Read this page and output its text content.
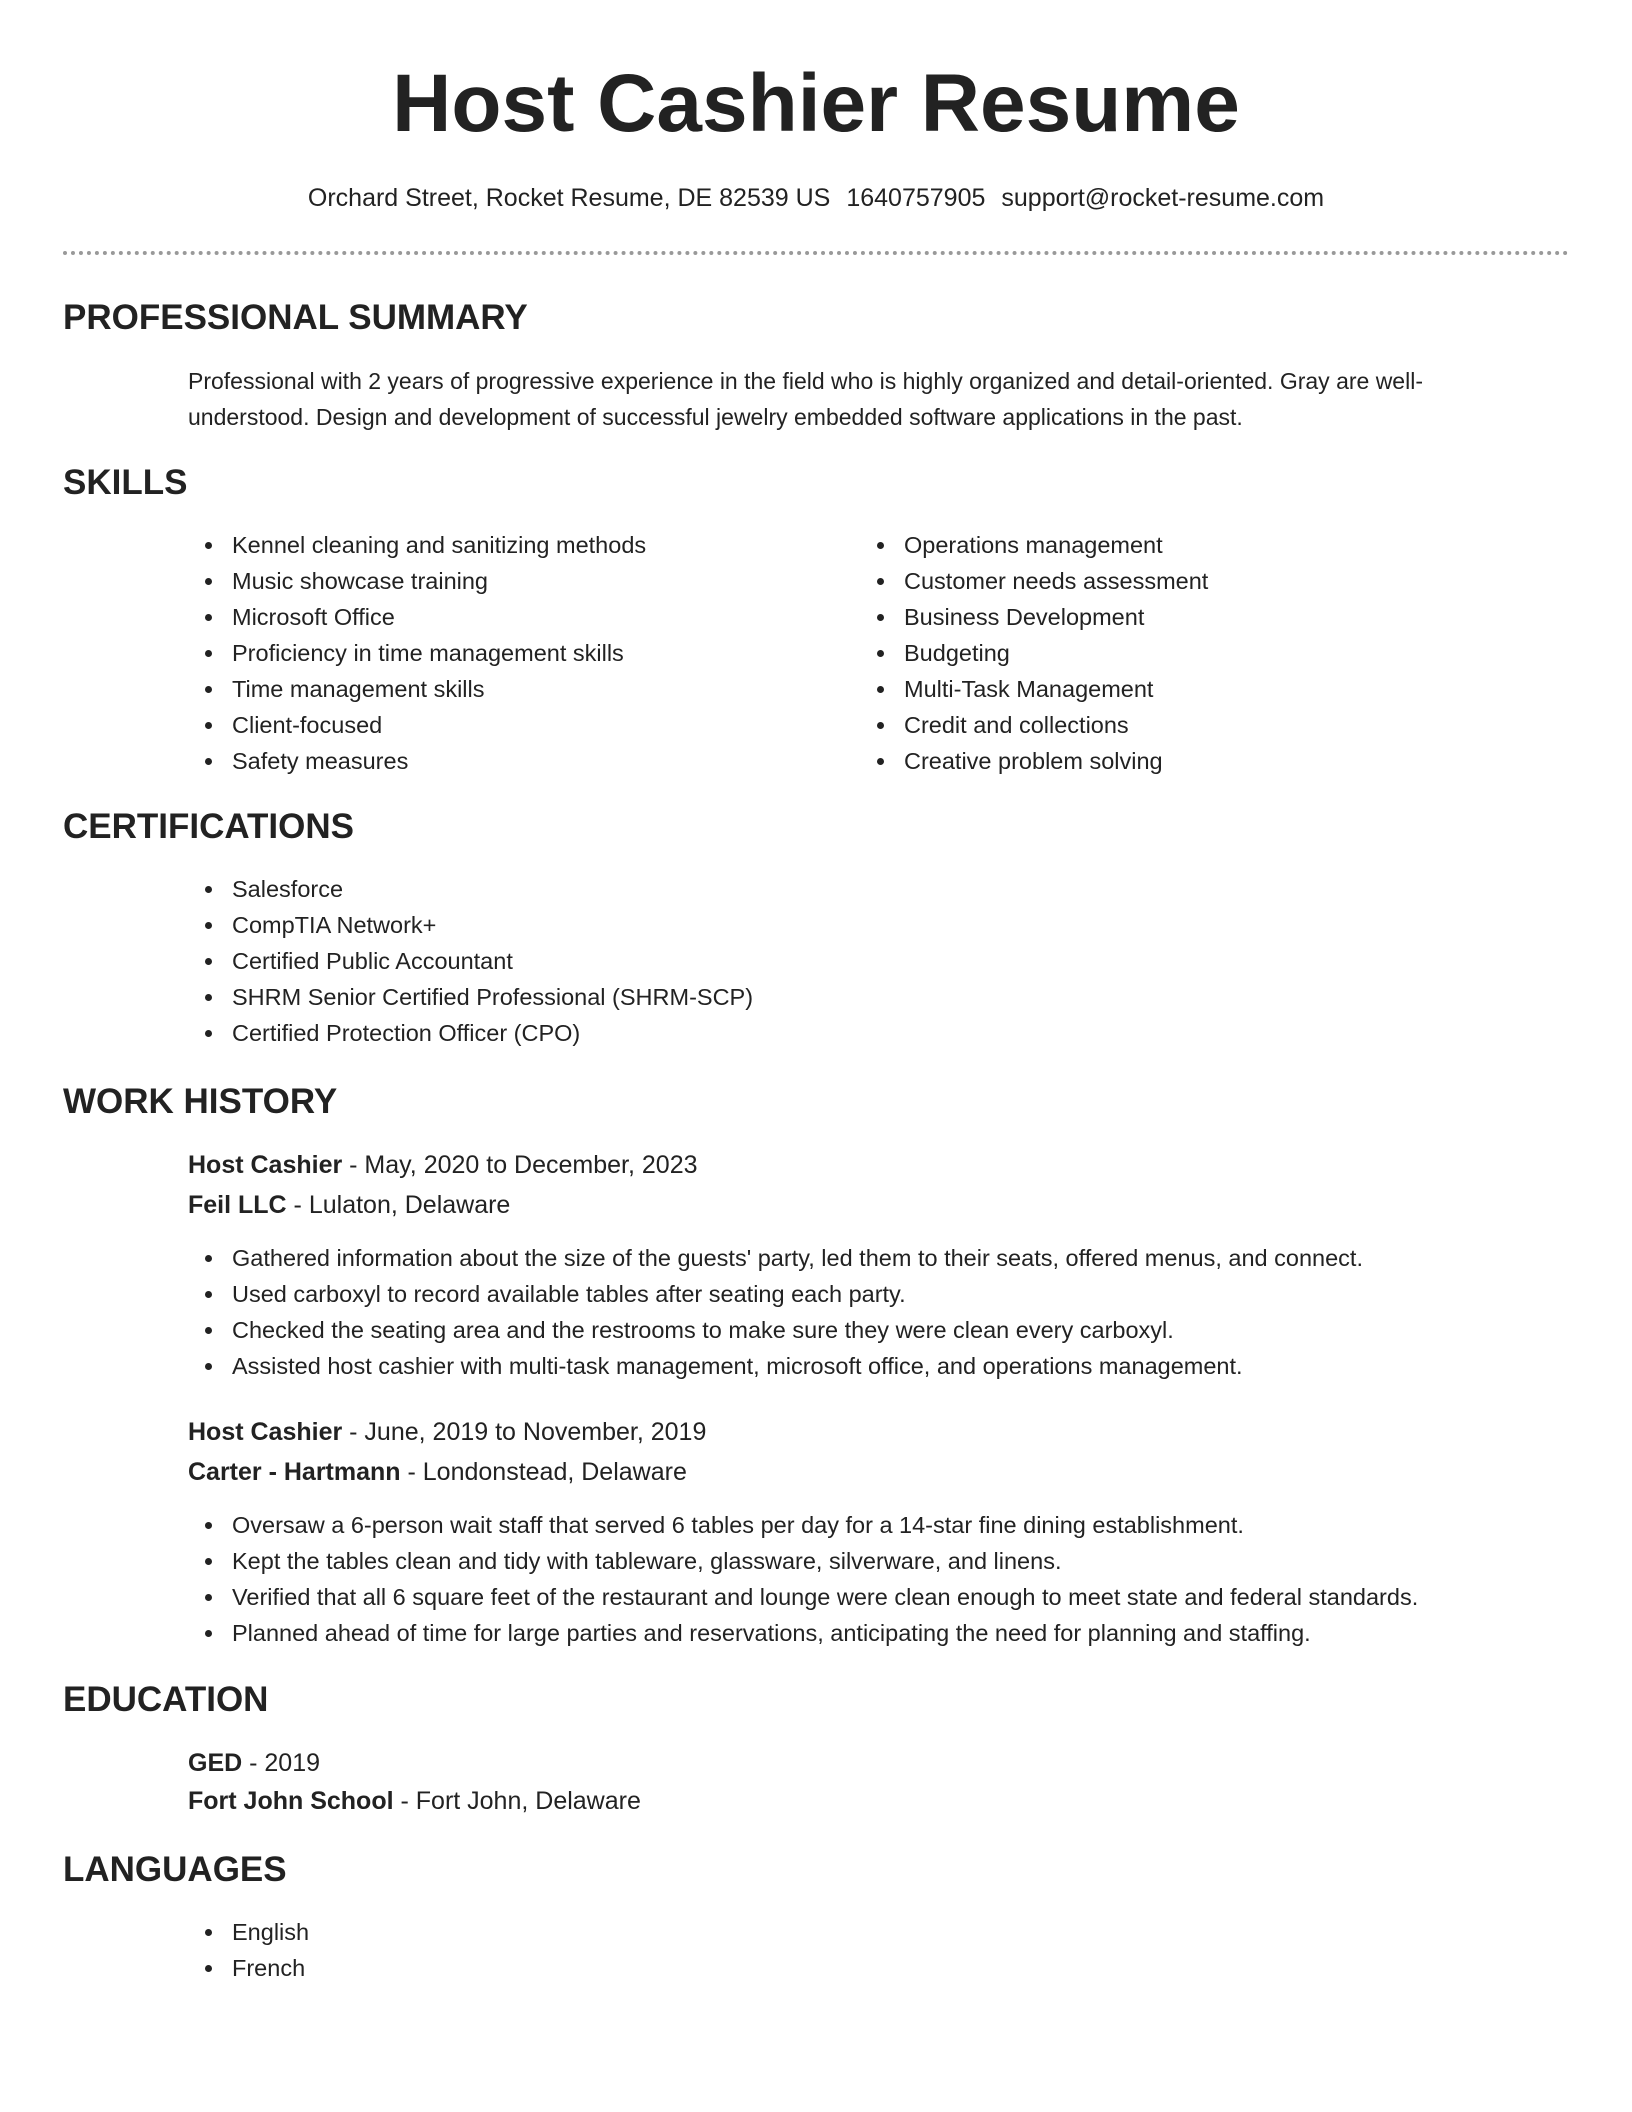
Host Cashier Resume

Orchard Street, Rocket Resume, DE 82539 US 1640757905 support@rocket-resume.com

PROFESSIONAL SUMMARY

Professional with 2 years of progressive experience in the field who is highly organized and detail-oriented. Gray are well-understood. Design and development of successful jewelry embedded software applications in the past.

SKILLS
Kennel cleaning and sanitizing methods
Music showcase training
Microsoft Office
Proficiency in time management skills
Time management skills
Client-focused
Safety measures
Operations management
Customer needs assessment
Business Development
Budgeting
Multi-Task Management
Credit and collections
Creative problem solving
CERTIFICATIONS
Salesforce
CompTIA Network+
Certified Public Accountant
SHRM Senior Certified Professional (SHRM-SCP)
Certified Protection Officer (CPO)
WORK HISTORY

Host Cashier - May, 2020 to December, 2023

Feil LLC - Lulaton, Delaware

Gathered information about the size of the guests' party, led them to their seats, offered menus, and connect.
Used carboxyl to record available tables after seating each party.
Checked the seating area and the restrooms to make sure they were clean every carboxyl.
Assisted host cashier with multi-task management, microsoft office, and operations management.

Host Cashier - June, 2019 to November, 2019

Carter - Hartmann - Londonstead, Delaware

Oversaw a 6-person wait staff that served 6 tables per day for a 14-star fine dining establishment.
Kept the tables clean and tidy with tableware, glassware, silverware, and linens.
Verified that all 6 square feet of the restaurant and lounge were clean enough to meet state and federal standards.
Planned ahead of time for large parties and reservations, anticipating the need for planning and staffing.
EDUCATION

GED - 2019

Fort John School - Fort John, Delaware

LANGUAGES
English
French
